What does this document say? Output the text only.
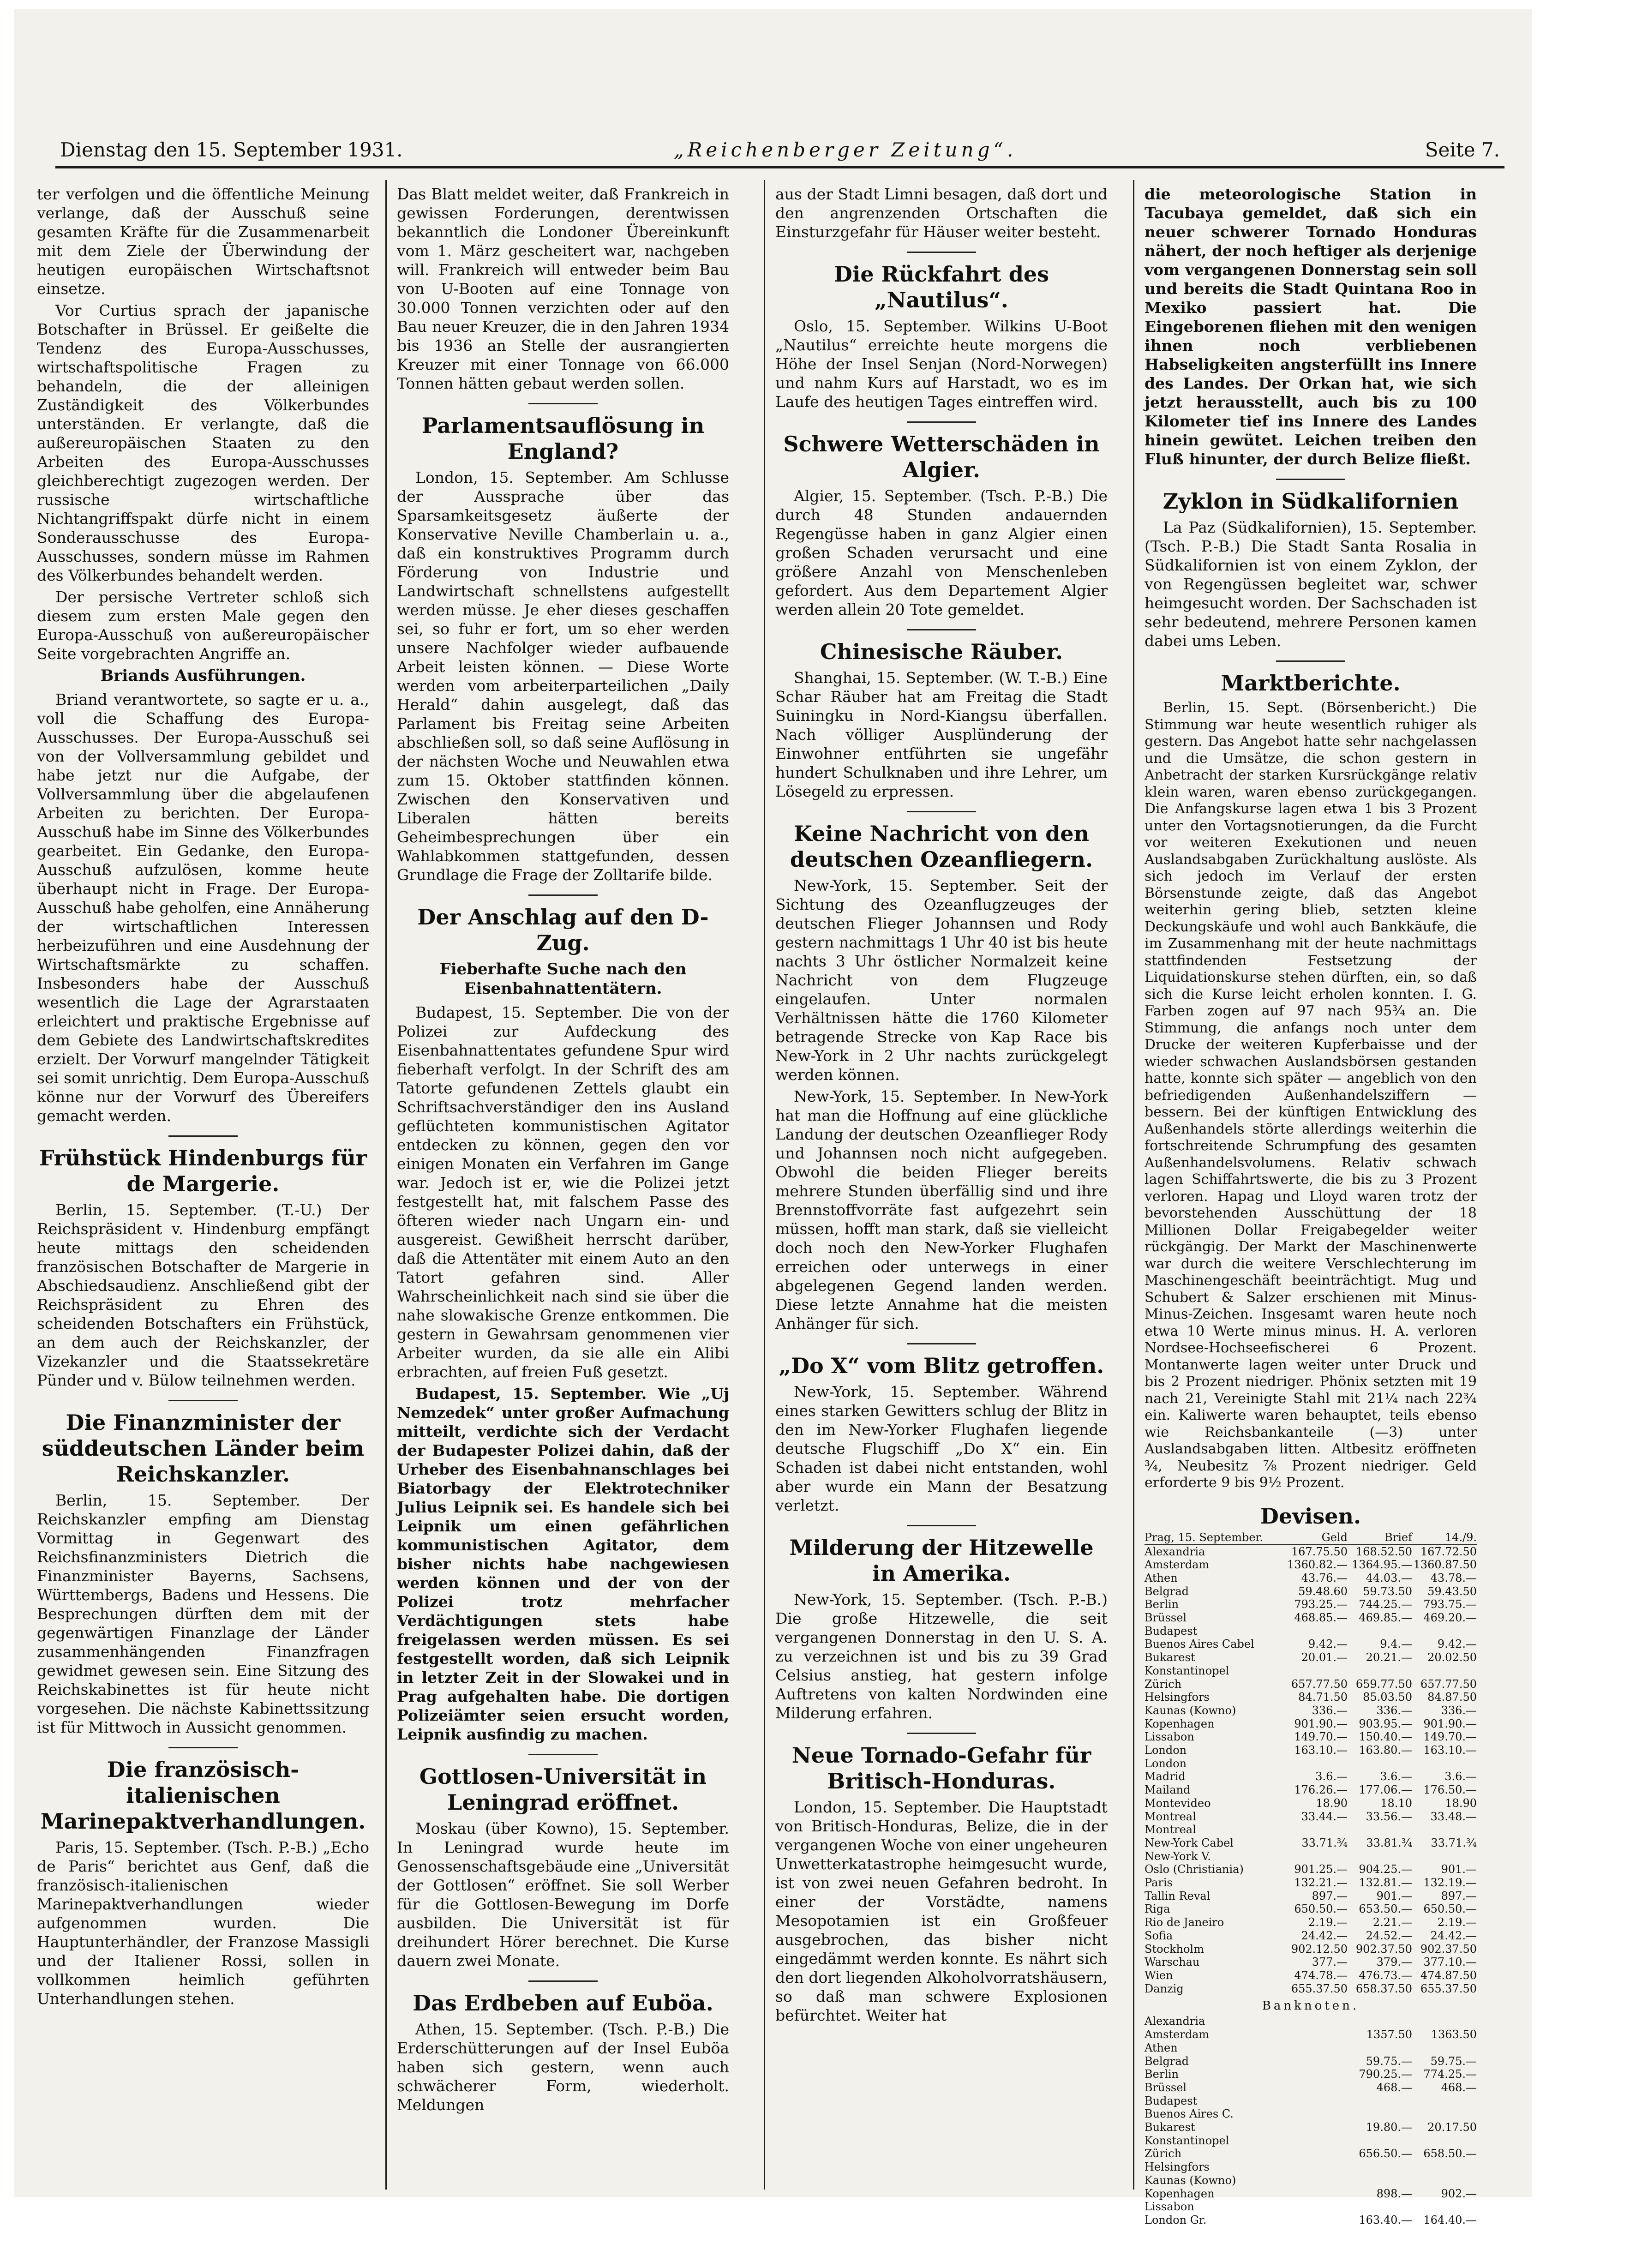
Dienstag den 15. September 1931.	„Reichenberger Zeitung“.	Seite 7.

ter verfolgen und die öffentliche Meinung verlange, daß der Ausschuß seine gesamten Kräfte für die Zusammenarbeit mit dem Ziele der Überwindung der heutigen europäischen Wirtschaftsnot einsetze.

Vor Curtius sprach der japanische Botschafter in Brüssel. Er geißelte die Tendenz des Europa-Ausschusses, wirtschaftspolitische Fragen zu behandeln, die der alleinigen Zuständigkeit des Völkerbundes unterständen. Er verlangte, daß die außereuropäischen Staaten zu den Arbeiten des Europa-Ausschusses gleichberechtigt zugezogen werden. Der russische wirtschaftliche Nichtangriffspakt dürfe nicht in einem Sonderausschusse des Europa-Ausschusses, sondern müsse im Rahmen des Völkerbundes behandelt werden.

Der persische Vertreter schloß sich diesem zum ersten Male gegen den Europa-Ausschuß von außereuropäischer Seite vorgebrachten Angriffe an.

Briands Ausführungen.

Briand verantwortete, so sagte er u. a., voll die Schaffung des Europa-Ausschusses. Der Europa-Ausschuß sei von der Vollversammlung gebildet und habe jetzt nur die Aufgabe, der Vollversammlung über die abgelaufenen Arbeiten zu berichten. Der Europa-Ausschuß habe im Sinne des Völkerbundes gearbeitet. Ein Gedanke, den Europa-Ausschuß aufzulösen, komme heute überhaupt nicht in Frage. Der Europa-Ausschuß habe geholfen, eine Annäherung der wirtschaftlichen Interessen herbeizuführen und eine Ausdehnung der Wirtschaftsmärkte zu schaffen. Insbesonders habe der Ausschuß wesentlich die Lage der Agrarstaaten erleichtert und praktische Ergebnisse auf dem Gebiete des Landwirtschaftskredites erzielt. Der Vorwurf mangelnder Tätigkeit sei somit unrichtig. Dem Europa-Ausschuß könne nur der Vorwurf des Übereifers gemacht werden.

Frühstück Hindenburgs für de Margerie.

Berlin, 15. September. (T.-U.) Der Reichspräsident v. Hindenburg empfängt heute mittags den scheidenden französischen Botschafter de Margerie in Abschiedsaudienz. Anschließend gibt der Reichspräsident zu Ehren des scheidenden Botschafters ein Frühstück, an dem auch der Reichskanzler, der Vizekanzler und die Staatssekretäre Pünder und v. Bülow teilnehmen werden.

Die Finanzminister der süddeutschen Länder beim Reichskanzler.

Berlin, 15. September. Der Reichskanzler empfing am Dienstag Vormittag in Gegenwart des Reichsfinanzministers Dietrich die Finanzminister Bayerns, Sachsens, Württembergs, Badens und Hessens. Die Besprechungen dürften dem mit der gegenwärtigen Finanzlage der Länder zusammenhängenden Finanzfragen gewidmet gewesen sein. Eine Sitzung des Reichskabinettes ist für heute nicht vorgesehen. Die nächste Kabinettssitzung ist für Mittwoch in Aussicht genommen.

Die französisch-italienischen Marinepaktverhandlungen.

Paris, 15. September. (Tsch. P.-B.) „Echo de Paris“ berichtet aus Genf, daß die französisch-italienischen Marinepaktverhandlungen wieder aufgenommen wurden. Die Hauptunterhändler, der Franzose Massigli und der Italiener Rossi, sollen in vollkommen heimlich geführten Unterhandlungen stehen.

Das Blatt meldet weiter, daß Frankreich in gewissen Forderungen, derentwissen bekanntlich die Londoner Übereinkunft vom 1. März gescheitert war, nachgeben will. Frankreich will entweder beim Bau von U-Booten auf eine Tonnage von 30.000 Tonnen verzichten oder auf den Bau neuer Kreuzer, die in den Jahren 1934 bis 1936 an Stelle der ausrangierten Kreuzer mit einer Tonnage von 66.000 Tonnen hätten gebaut werden sollen.

Parlamentsauflösung in England?

London, 15. September. Am Schlusse der Aussprache über das Sparsamkeitsgesetz äußerte der Konservative Neville Chamberlain u. a., daß ein konstruktives Programm durch Förderung von Industrie und Landwirtschaft schnellstens aufgestellt werden müsse. Je eher dieses geschaffen sei, so fuhr er fort, um so eher werden unsere Nachfolger wieder aufbauende Arbeit leisten können. — Diese Worte werden vom arbeiterparteilichen „Daily Herald“ dahin ausgelegt, daß das Parlament bis Freitag seine Arbeiten abschließen soll, so daß seine Auflösung in der nächsten Woche und Neuwahlen etwa zum 15. Oktober stattfinden können. Zwischen den Konservativen und Liberalen hätten bereits Geheimbesprechungen über ein Wahlabkommen stattgefunden, dessen Grundlage die Frage der Zolltarife bilde.

Der Anschlag auf den D-Zug.
Fieberhafte Suche nach den Eisenbahnattentätern.

Budapest, 15. September. Die von der Polizei zur Aufdeckung des Eisenbahnattentates gefundene Spur wird fieberhaft verfolgt. In der Schrift des am Tatorte gefundenen Zettels glaubt ein Schriftsachverständiger den ins Ausland geflüchteten kommunistischen Agitator entdecken zu können, gegen den vor einigen Monaten ein Verfahren im Gange war. Jedoch ist er, wie die Polizei jetzt festgestellt hat, mit falschem Passe des öfteren wieder nach Ungarn ein- und ausgereist. Gewißheit herrscht darüber, daß die Attentäter mit einem Auto an den Tatort gefahren sind. Aller Wahrscheinlichkeit nach sind sie über die nahe slowakische Grenze entkommen. Die gestern in Gewahrsam genommenen vier Arbeiter wurden, da sie alle ein Alibi erbrachten, auf freien Fuß gesetzt.

Budapest, 15. September. Wie „Uj Nemzedek“ unter großer Aufmachung mitteilt, verdichte sich der Verdacht der Budapester Polizei dahin, daß der Urheber des Eisenbahnanschlages bei Biatorbagy der Elektrotechniker Julius Leipnik sei. Es handele sich bei Leipnik um einen gefährlichen kommunistischen Agitator, dem bisher nichts habe nachgewiesen werden können und der von der Polizei trotz mehrfacher Verdächtigungen stets habe freigelassen werden müssen. Es sei festgestellt worden, daß sich Leipnik in letzter Zeit in der Slowakei und in Prag aufgehalten habe. Die dortigen Polizeiämter seien ersucht worden, Leipnik ausfindig zu machen.

Gottlosen-Universität in Leningrad eröffnet.

Moskau (über Kowno), 15. September. In Leningrad wurde heute im Genossenschaftsgebäude eine „Universität der Gottlosen“ eröffnet. Sie soll Werber für die Gottlosen-Bewegung im Dorfe ausbilden. Die Universität ist für dreihundert Hörer berechnet. Die Kurse dauern zwei Monate.

Das Erdbeben auf Euböa.

Athen, 15. September. (Tsch. P.-B.) Die Erderschütterungen auf der Insel Euböa haben sich gestern, wenn auch schwächerer Form, wiederholt. Meldungen

aus der Stadt Limni besagen, daß dort und den angrenzenden Ortschaften die Einsturzgefahr für Häuser weiter besteht.

Die Rückfahrt des „Nautilus“.

Oslo, 15. September. Wilkins U-Boot „Nautilus“ erreichte heute morgens die Höhe der Insel Senjan (Nord-Norwegen) und nahm Kurs auf Harstadt, wo es im Laufe des heutigen Tages eintreffen wird.

Schwere Wetterschäden in Algier.

Algier, 15. September. (Tsch. P.-B.) Die durch 48 Stunden andauernden Regengüsse haben in ganz Algier einen großen Schaden verursacht und eine größere Anzahl von Menschenleben gefordert. Aus dem Departement Algier werden allein 20 Tote gemeldet.

Chinesische Räuber.

Shanghai, 15. September. (W. T.-B.) Eine Schar Räuber hat am Freitag die Stadt Suiningku in Nord-Kiangsu überfallen. Nach völliger Ausplünderung der Einwohner entführten sie ungefähr hundert Schulknaben und ihre Lehrer, um Lösegeld zu erpressen.

Keine Nachricht von den deutschen Ozeanfliegern.

New-York, 15. September. Seit der Sichtung des Ozeanflugzeuges der deutschen Flieger Johannsen und Rody gestern nachmittags 1 Uhr 40 ist bis heute nachts 3 Uhr östlicher Normalzeit keine Nachricht von dem Flugzeuge eingelaufen. Unter normalen Verhältnissen hätte die 1760 Kilometer betragende Strecke von Kap Race bis New-York in 2 Uhr nachts zurückgelegt werden können.

New-York, 15. September. In New-York hat man die Hoffnung auf eine glückliche Landung der deutschen Ozeanflieger Rody und Johannsen noch nicht aufgegeben. Obwohl die beiden Flieger bereits mehrere Stunden überfällig sind und ihre Brennstoffvorräte fast aufgezehrt sein müssen, hofft man stark, daß sie vielleicht doch noch den New-Yorker Flughafen erreichen oder unterwegs in einer abgelegenen Gegend landen werden. Diese letzte Annahme hat die meisten Anhänger für sich.

„Do X“ vom Blitz getroffen.

New-York, 15. September. Während eines starken Gewitters schlug der Blitz in den im New-Yorker Flughafen liegende deutsche Flugschiff „Do X“ ein. Ein Schaden ist dabei nicht entstanden, wohl aber wurde ein Mann der Besatzung verletzt.

Milderung der Hitzewelle in Amerika.

New-York, 15. September. (Tsch. P.-B.) Die große Hitzewelle, die seit vergangenen Donnerstag in den U. S. A. zu verzeichnen ist und bis zu 39 Grad Celsius anstieg, hat gestern infolge Auftretens von kalten Nordwinden eine Milderung erfahren.

Neue Tornado-Gefahr für Britisch-Honduras.

London, 15. September. Die Hauptstadt von Britisch-Honduras, Belize, die in der vergangenen Woche von einer ungeheuren Unwetterkatastrophe heimgesucht wurde, ist von zwei neuen Gefahren bedroht. In einer der Vorstädte, namens Mesopotamien ist ein Großfeuer ausgebrochen, das bisher nicht eingedämmt werden konnte. Es nährt sich den dort liegenden Alkoholvorratshäusern, so daß man schwere Explosionen befürchtet. Weiter hat

die meteorologische Station in Tacubaya gemeldet, daß sich ein neuer schwerer Tornado Honduras nähert, der noch heftiger als derjenige vom vergangenen Donnerstag sein soll und bereits die Stadt Quintana Roo in Mexiko passiert hat. Die Eingeborenen fliehen mit den wenigen ihnen noch verbliebenen Habseligkeiten angsterfüllt ins Innere des Landes. Der Orkan hat, wie sich jetzt herausstellt, auch bis zu 100 Kilometer tief ins Innere des Landes hinein gewütet. Leichen treiben den Fluß hinunter, der durch Belize fließt.

Zyklon in Südkalifornien

La Paz (Südkalifornien), 15. September. (Tsch. P.-B.) Die Stadt Santa Rosalia in Südkalifornien ist von einem Zyklon, der von Regengüssen begleitet war, schwer heimgesucht worden. Der Sachschaden ist sehr bedeutend, mehrere Personen kamen dabei ums Leben.

Marktberichte.

Berlin, 15. Sept. (Börsenbericht.) Die Stimmung war heute wesentlich ruhiger als gestern. Das Angebot hatte sehr nachgelassen und die Umsätze, die schon gestern in Anbetracht der starken Kursrückgänge relativ klein waren, waren ebenso zurückgegangen. Die Anfangskurse lagen etwa 1 bis 3 Prozent unter den Vortagsnotierungen, da die Furcht vor weiteren Exekutionen und neuen Auslandsabgaben Zurückhaltung auslöste. Als sich jedoch im Verlauf der ersten Börsenstunde zeigte, daß das Angebot weiterhin gering blieb, setzten kleine Deckungskäufe und wohl auch Bankkäufe, die im Zusammenhang mit der heute nachmittags stattfindenden Festsetzung der Liquidationskurse stehen dürften, ein, so daß sich die Kurse leicht erholen konnten. I. G. Farben zogen auf 97 nach 95¾ an. Die Stimmung, die anfangs noch unter dem Drucke der weiteren Kupferbaisse und der wieder schwachen Auslandsbörsen gestanden hatte, konnte sich später — angeblich von den befriedigenden Außenhandelsziffern — bessern. Bei der künftigen Entwicklung des Außenhandels störte allerdings weiterhin die fortschreitende Schrumpfung des gesamten Außenhandelsvolumens. Relativ schwach lagen Schiffahrtswerte, die bis zu 3 Prozent verloren. Hapag und Lloyd waren trotz der bevorstehenden Ausschüttung der 18 Millionen Dollar Freigabegelder weiter rückgängig. Der Markt der Maschinenwerte war durch die weitere Verschlechterung im Maschinengeschäft beeinträchtigt. Mug und Schubert & Salzer erschienen mit Minus-Minus-Zeichen. Insgesamt waren heute noch etwa 10 Werte minus minus. H. A. verloren Nordsee-Hochseefischerei 6 Prozent. Montanwerte lagen weiter unter Druck und bis 2 Prozent niedriger. Phönix setzten mit 19 nach 21, Vereinigte Stahl mit 21¼ nach 22¾ ein. Kaliwerte waren behauptet, teils ebenso wie Reichsbankanteile (—3) unter Auslandsabgaben litten. Altbesitz eröffneten ¾, Neubesitz ⅞ Prozent niedriger. Geld erforderte 9 bis 9½ Prozent.

Devisen.
Prag, 15. September.	Geld	Brief	14./9.
Alexandria	167.75.50 168.52.50 167.72.50
Amsterdam	1360.82.— 1364.95.— 1360.87.50
Athen	43.76.—	44.03.—	43.78.—
Belgrad	59.48.60	59.73.50	59.43.50
Berlin	793.25.—	744.25.—	793.75.—
Brüssel	468.85.—	469.85.—	469.20.—
Budapest
Buenos Aires Cabel	9.42.—	9.4.—	9.42.—
Bukarest	20.01.—	20.21.—	20.02.50
Konstantinopel
Zürich	657.77.50 659.77.50 657.77.50
Helsingfors	84.71.50	85.03.50	84.87.50
Kaunas (Kowno)	336.—	336.—	336.—
Kopenhagen	901.90.—	903.95.—	901.90.—
Lissabon	149.70.—	150.40.—	149.70.—
London	163.10.—	163.80.—	163.10.—
London
Madrid	3.6.—	3.6.—	3.6.—
Mailand	176.26.—	177.06.—	176.50.—
Montevideo	18.90	18.10	18.90
Montreal	33.44.—	33.56.—	33.48.—
Montreal
New-York Cabel	33.71.¾	33.81.¾	33.71.¾
New-York V.
Oslo (Christiania)	901.25.—	904.25.—	901.—
Paris	132.21.—	132.81.—	132.19.—
Tallin Reval	897.—	901.—	897.—
Riga	650.50.—	653.50.—	650.50.—
Rio de Janeiro	2.19.—	2.21.—	2.19.—
Sofia	24.42.—	24.52.—	24.42.—
Stockholm	902.12.50 902.37.50 902.37.50
Warschau	377.—	379.—	377.10.—
Wien	474.78.—	476.73.— 474.87.50
Danzig	655.37.50 658.37.50 655.37.50
Banknoten.
Alexandria
Amsterdam	1357.50	1363.50
Athen
Belgrad	59.75.—	59.75.—
Berlin	790.25.—	774.25.—
Brüssel	468.—	468.—
Budapest
Buenos Aires C.
Bukarest	19.80.—	20.17.50
Konstantinopel
Zürich	656.50.—	658.50.—
Helsingfors
Kaunas (Kowno)
Kopenhagen	898.—	902.—
Lissabon
London Gr.	163.40.—	164.40.—
